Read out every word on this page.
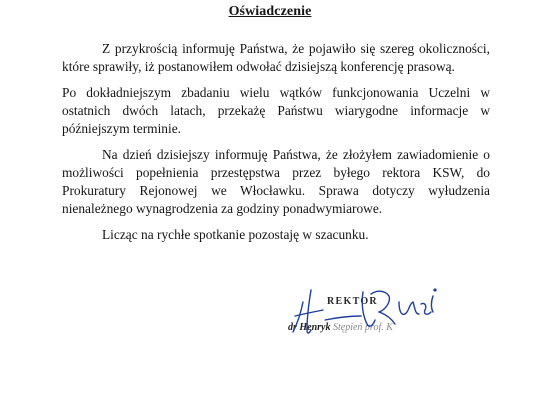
Oświadczenie

Z przykrością informuję Państwa, że pojawiło się szereg okoliczności, które sprawiły, iż postanowiłem odwołać dzisiejszą konferencję prasową.

Po dokładniejszym zbadaniu wielu wątków funkcjonowania Uczelni w ostatnich dwóch latach, przekażę Państwu wiarygodne informacje w późniejszym terminie.

Na dzień dzisiejszy informuję Państwa, że złożyłem zawiadomienie o możliwości popełnienia przestępstwa przez byłego rektora KSW, do Prokuratury Rejonowej we Włocławku. Sprawa dotyczy wyłudzenia nienależnego wynagrodzenia za godziny ponadwymiarowe.

Licząc na rychłe spotkanie pozostaję w szacunku.

REKTOR
dr Henryk Stępień prof. K
